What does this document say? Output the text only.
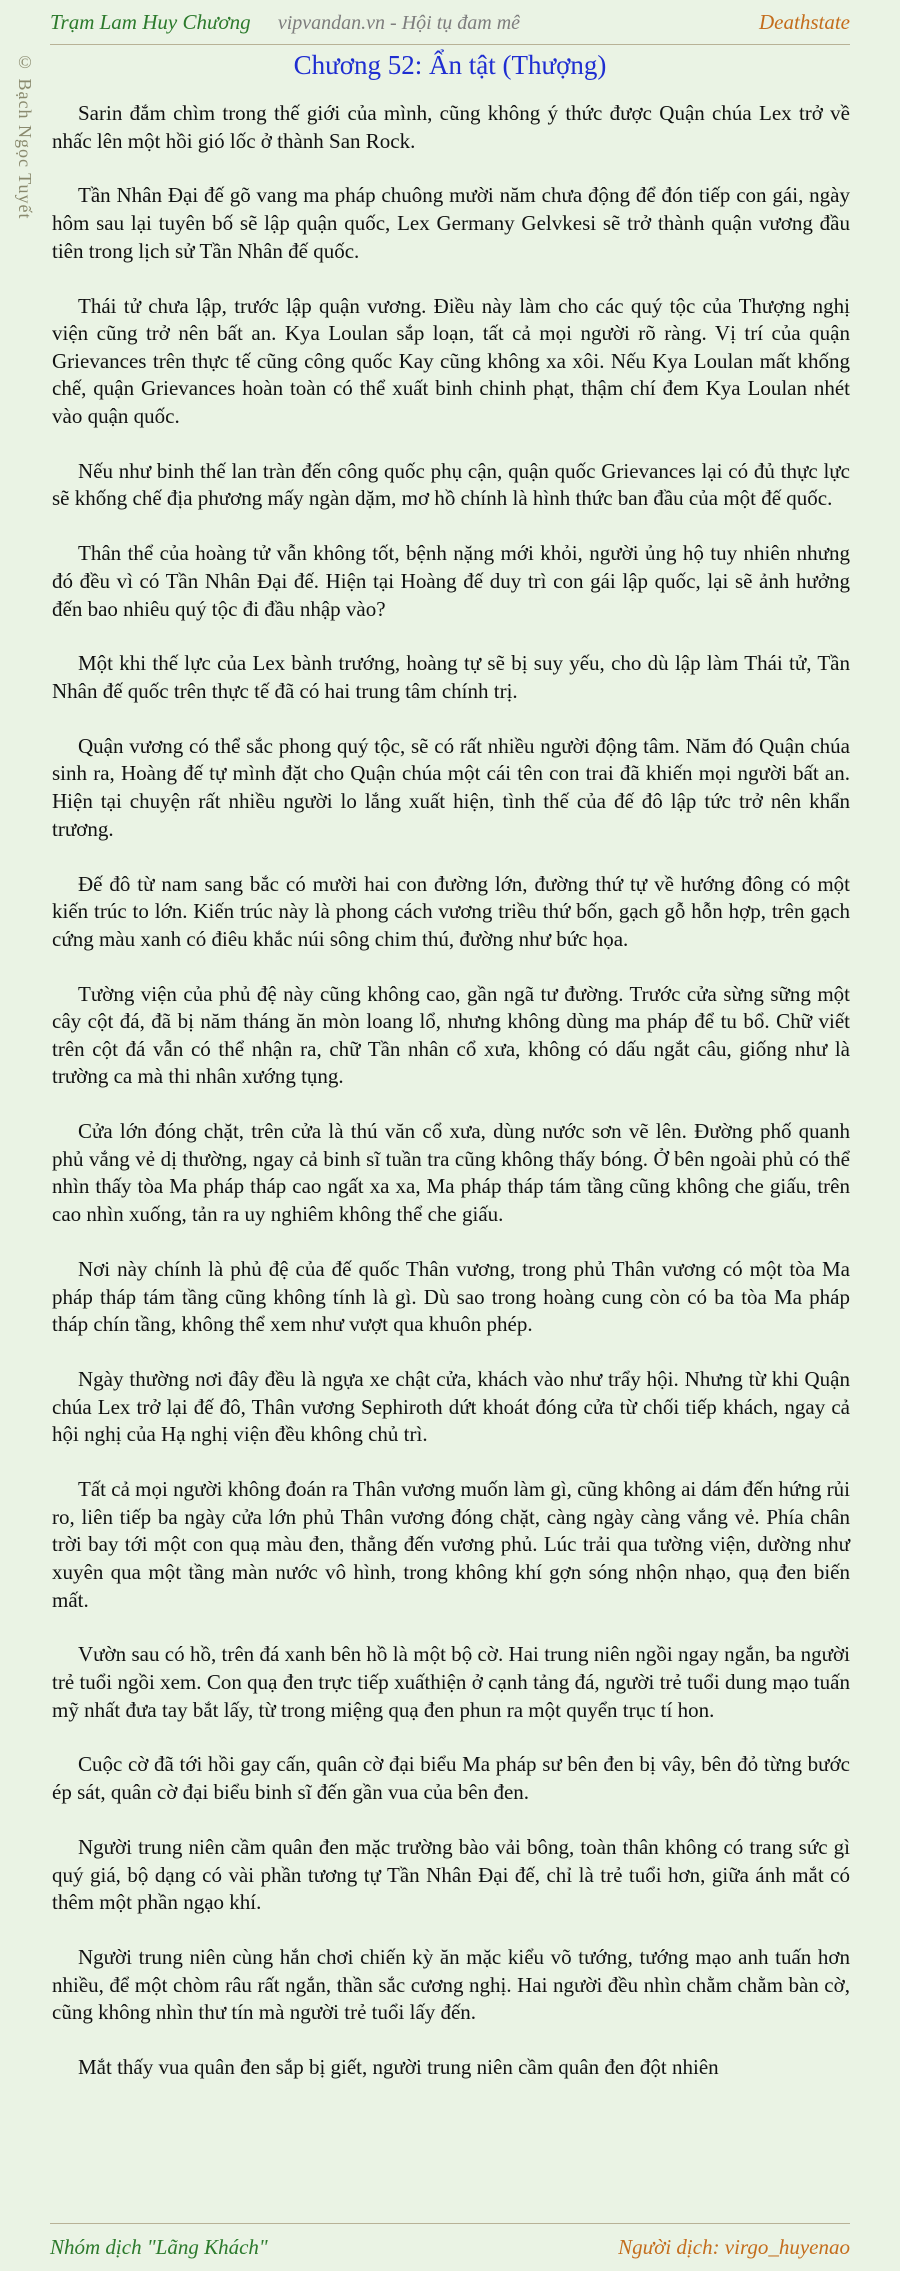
Trạm Lam Huy Chương vipvandan.vn - Hội tụ đam mê	Deathstate
© Bạch Ngọc Tuyết	Chương 52: Ẩn tật (Thượng)

Sarin đắm chìm trong thế giới của mình, cũng không ý thức được Quận chúa Lex trở về nhấc lên một hồi gió lốc ở thành San Rock.

Tần Nhân Đại đế gõ vang ma pháp chuông mười năm chưa động để đón tiếp con gái, ngày hôm sau lại tuyên bố sẽ lập quận quốc, Lex Germany Gelvkesi sẽ trở thành quận vương đầu tiên trong lịch sử Tần Nhân đế quốc.

Thái tử chưa lập, trước lập quận vương. Điều này làm cho các quý tộc của Thượng nghị viện cũng trở nên bất an. Kya Loulan sắp loạn, tất cả mọi người rõ ràng. Vị trí của quận Grievances trên thực tế cũng công quốc Kay cũng không xa xôi. Nếu Kya Loulan mất khống chế, quận Grievances hoàn toàn có thể xuất binh chinh phạt, thậm chí đem Kya Loulan nhét vào quận quốc.

Nếu như binh thế lan tràn đến công quốc phụ cận, quận quốc Grievances lại có đủ thực lực sẽ khống chế địa phương mấy ngàn dặm, mơ hồ chính là hình thức ban đầu của một đế quốc.

Thân thể của hoàng tử vẫn không tốt, bệnh nặng mới khỏi, người ủng hộ tuy nhiên nhưng đó đều vì có Tần Nhân Đại đế. Hiện tại Hoàng đế duy trì con gái lập quốc, lại sẽ ảnh hưởng đến bao nhiêu quý tộc đi đầu nhập vào?

Một khi thế lực của Lex bành trướng, hoàng tự sẽ bị suy yếu, cho dù lập làm Thái tử, Tần Nhân đế quốc trên thực tế đã có hai trung tâm chính trị.

Quận vương có thể sắc phong quý tộc, sẽ có rất nhiều người động tâm. Năm đó Quận chúa sinh ra, Hoàng đế tự mình đặt cho Quận chúa một cái tên con trai đã khiến mọi người bất an. Hiện tại chuyện rất nhiều người lo lắng xuất hiện, tình thế của đế đô lập tức trở nên khẩn trương.

Đế đô từ nam sang bắc có mười hai con đường lớn, đường thứ tự về hướng đông có một kiến trúc to lớn. Kiến trúc này là phong cách vương triều thứ bốn, gạch gỗ hỗn hợp, trên gạch cứng màu xanh có điêu khắc núi sông chim thú, đường như bức họa.

Tường viện của phủ đệ này cũng không cao, gần ngã tư đường. Trước cửa sừng sững một cây cột đá, đã bị năm tháng ăn mòn loang lổ, nhưng không dùng ma pháp để tu bổ. Chữ viết trên cột đá vẫn có thể nhận ra, chữ Tần nhân cổ xưa, không có dấu ngắt câu, giống như là trường ca mà thi nhân xướng tụng.

Cửa lớn đóng chặt, trên cửa là thú văn cổ xưa, dùng nước sơn vẽ lên. Đường phố quanh phủ vắng vẻ dị thường, ngay cả binh sĩ tuần tra cũng không thấy bóng. Ở bên ngoài phủ có thể nhìn thấy tòa Ma pháp tháp cao ngất xa xa, Ma pháp tháp tám tầng cũng không che giấu, trên cao nhìn xuống, tản ra uy nghiêm không thể che giấu.

Nơi này chính là phủ đệ của đế quốc Thân vương, trong phủ Thân vương có một tòa Ma pháp tháp tám tầng cũng không tính là gì. Dù sao trong hoàng cung còn có ba tòa Ma pháp tháp chín tầng, không thể xem như vượt qua khuôn phép.

Ngày thường nơi đây đều là ngựa xe chật cửa, khách vào như trẩy hội. Nhưng từ khi Quận chúa Lex trở lại đế đô, Thân vương Sephiroth dứt khoát đóng cửa từ chối tiếp khách, ngay cả hội nghị của Hạ nghị viện đều không chủ trì.

Tất cả mọi người không đoán ra Thân vương muốn làm gì, cũng không ai dám đến hứng rủi ro, liên tiếp ba ngày cửa lớn phủ Thân vương đóng chặt, càng ngày càng vắng vẻ. Phía chân trời bay tới một con quạ màu đen, thẳng đến vương phủ. Lúc trải qua tường viện, dường như xuyên qua một tầng màn nước vô hình, trong không khí gợn sóng nhộn nhạo, quạ đen biến mất.

Vườn sau có hồ, trên đá xanh bên hồ là một bộ cờ. Hai trung niên ngồi ngay ngắn, ba người trẻ tuổi ngồi xem. Con quạ đen trực tiếp xuấthiện ở cạnh tảng đá, người trẻ tuổi dung mạo tuấn mỹ nhất đưa tay bắt lấy, từ trong miệng quạ đen phun ra một quyển trục tí hon.

Cuộc cờ đã tới hồi gay cấn, quân cờ đại biểu Ma pháp sư bên đen bị vây, bên đỏ từng bước ép sát, quân cờ đại biểu binh sĩ đến gần vua của bên đen.

Người trung niên cầm quân đen mặc trường bào vải bông, toàn thân không có trang sức gì quý giá, bộ dạng có vài phần tương tự Tần Nhân Đại đế, chỉ là trẻ tuổi hơn, giữa ánh mắt có thêm một phần ngạo khí.

Người trung niên cùng hắn chơi chiến kỳ ăn mặc kiểu võ tướng, tướng mạo anh tuấn hơn nhiều, để một chòm râu rất ngắn, thần sắc cương nghị. Hai người đều nhìn chằm chằm bàn cờ, cũng không nhìn thư tín mà người trẻ tuổi lấy đến.

Mắt thấy vua quân đen sắp bị giết, người trung niên cầm quân đen đột nhiên

Nhóm dịch "Lãng Khách"	Người dịch: virgo_huyenao
